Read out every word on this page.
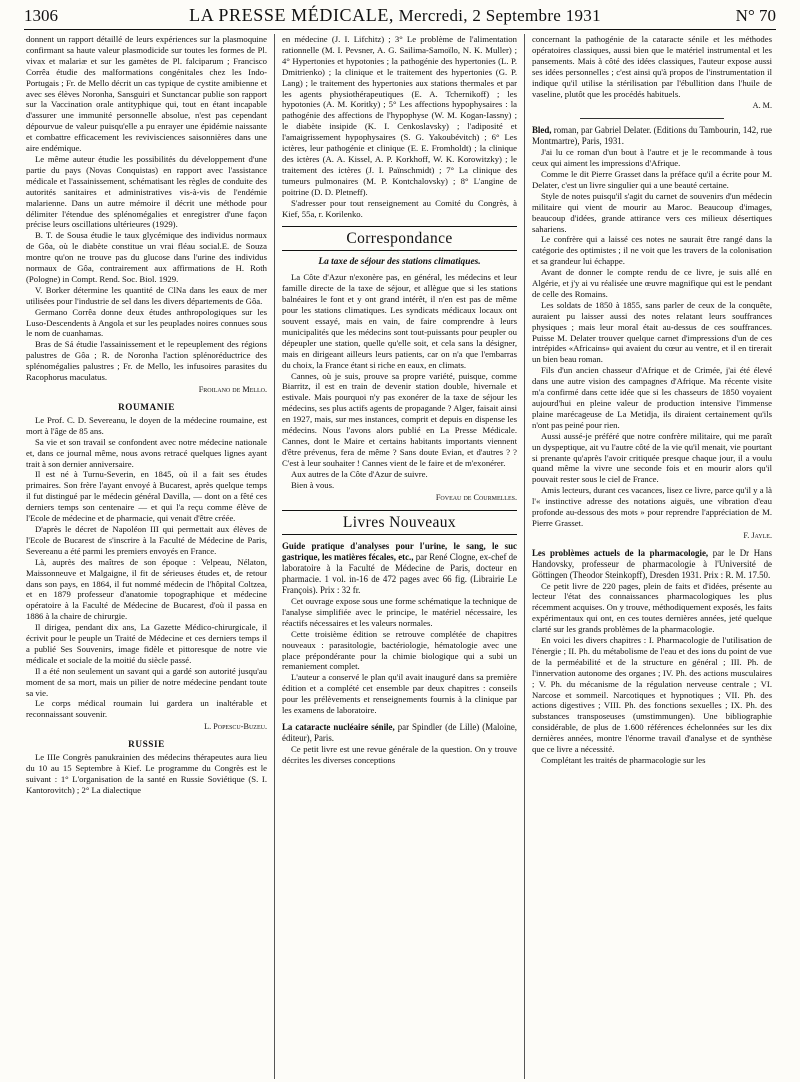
1306	LA PRESSE MÉDICALE, Mercredi, 2 Septembre 1931	N° 70

donnent un rapport détaillé de leurs expériences sur la plasmoquine confirmant sa haute valeur plasmodicide sur toutes les formes de Pl. vivax et malariæ et sur les gamètes de Pl. falciparum ; Francisco Corrêa étudie des malformations congénitales chez les Indo-Portugais ; Fr. de Mello décrit un cas typique de cystite amibienne et avec ses élèves Noronha, Sansguiri et Sunctancar publie son rapport sur la Vaccination orale antityphique qui, tout en étant incapable d'assurer une immunité personnelle absolue, n'est pas cependant dépourvue de valeur puisqu'elle a pu enrayer une épidémie naissante et combattre efficacement les revivisciences saisonnières dans une aire endémique.

Le même auteur étudie les possibilités du développement d'une partie du pays (Novas Conquistas) en rapport avec l'assistance médicale et l'assainissement, schématisant les règles de conduite des autorités sanitaires et administratives vis-à-vis de l'endémie malarienne. Dans un autre mémoire il décrit une méthode pour délimiter l'étendue des splénomégalies et enregistrer d'une façon précise leurs oscillations ultérieures (1929).

B. T. de Sousa étudie le taux glycémique des individus normaux de Gôa, où le diabète constitue un vrai fléau social.E. de Souza montre qu'on ne trouve pas du glucose dans l'urine des individus normaux de Gôa, contrairement aux affirmations de H. Roth (Pologne) in Compt. Rend. Soc. Biol. 1929.

V. Borker détermine les quantité de ClNa dans les eaux de mer utilisées pour l'industrie de sel dans les divers départements de Gôa.

Germano Corrêa donne deux études anthropologiques sur les Luso-Descendents à Angola et sur les peuplades noires connues sous le nom de cuanhamas.

Bras de Sá étudie l'assainissement et le repeuplement des régions palustres de Gôa ; R. de Noronha l'action splénoréductrice des splénomégalies palustres ; Fr. de Mello, les infusoires parasites du Racophorus maculatus.

Froilano de Mello.
ROUMANIE

Le Prof. C. D. Severeanu, le doyen de la médecine roumaine, est mort à l'âge de 85 ans.

Sa vie et son travail se confondent avec notre médecine nationale et, dans ce journal même, nous avons retracé quelques lignes ayant trait à son dernier anniversaire.

Il est né à Turnu-Severin, en 1845, où il a fait ses études primaires. Son frère l'ayant envoyé à Bucarest, après quelque temps il fut distingué par le médecin général Davilla, — dont on a fêté ces derniers temps son centenaire — et qui l'a reçu comme élève de l'Ecole de médecine et de pharmacie, qui venait d'être créée.

D'après le décret de Napoléon III qui permettait aux élèves de l'Ecole de Bucarest de s'inscrire à la Faculté de Médecine de Paris, Severeanu a été parmi les premiers envoyés en France.

Là, auprès des maîtres de son époque : Velpeau, Nélaton, Maissonneuve et Malgaigne, il fit de sérieuses études et, de retour dans son pays, en 1864, il fut nommé médecin de l'hôpital Coltzea, et en 1879 professeur d'anatomie topographique et médecine opératoire à la Faculté de Médecine de Bucarest, d'où il passa en 1886 à la chaire de chirurgie.

Il dirigea, pendant dix ans, La Gazette Médico-chirurgicale, il écrivit pour le peuple un Traité de Médecine et ces derniers temps il a publié Ses Souvenirs, image fidèle et pittoresque de notre vie médicale et sociale de la moitié du siècle passé.

Il a été non seulement un savant qui a gardé son autorité jusqu'au moment de sa mort, mais un pilier de notre médecine pendant toute sa vie.

Le corps médical roumain lui gardera un inaltérable et reconnaissant souvenir.

L. Popescu-Buzeu.
RUSSIE

Le IIIe Congrès panukrainien des médecins thérapeutes aura lieu du 10 au 15 Septembre à Kief. Le programme du Congrès est le suivant : 1° L'organisation de la santé en Russie Soviétique (S. I. Kantorovitch) ; 2° La dialectique

en médecine (J. I. Lifchitz) ; 3° Le problème de l'alimentation rationnelle (M. I. Pevsner, A. G. Sailima-Samoïlo, N. K. Muller) ; 4° Hypertonies et hypotonies ; la pathogénie des hypertonies (L. P. Dmitrienko) ; la clinique et le traitement des hypertonies (G. P. Lang) ; le traitement des hypertonies aux stations thermales et par les agents physiothérapeutiques (E. A. Tchernikoff) ; les hypotonies (A. M. Koritky) ; 5° Les affections hypophysaires : la pathogénie des affections de l'hypophyse (W. M. Kogan-Iassny) ; le diabète insipide (K. I. Cenkoslavsky) ; l'adiposité et l'amaigrissement hypophysaires (S. G. Yakoubévitch) ; 6° Les ictères, leur pathogénie et clinique (E. E. Fromholdt) ; la clinique des ictères (A. A. Kissel, A. P. Korkhoff, W. K. Korowitzky) ; le traitement des ictères (J. I. Païnschmidt) ; 7° La clinique des tumeurs pulmonaires (M. P. Kontchalovsky) ; 8° L'angine de poitrine (D. D. Pletneff).

S'adresser pour tout renseignement au Comité du Congrès, à Kief, 55a, r. Korilenko.

Correspondance
La taxe de séjour des stations climatiques.

La Côte d'Azur n'exonère pas, en général, les médecins et leur famille directe de la taxe de séjour, et allègue que si les stations balnéaires le font et y ont grand intérêt, il n'en est pas de même pour les stations climatiques. Les syndicats médicaux locaux ont souvent essayé, mais en vain, de faire comprendre à leurs municipalités que les médecins sont tout-puissants pour peupler ou dépeupler une station, quelle qu'elle soit, et cela sans la désigner, mais en dirigeant ailleurs leurs patients, car on n'a que l'embarras du choix, la France étant si riche en eaux, en climats.

Cannes, où je suis, prouve sa propre variété, puisque, comme Biarritz, il est en train de devenir station double, hivernale et estivale. Mais pourquoi n'y pas exonérer de la taxe de séjour les médecins, ses plus actifs agents de propagande ? Alger, faisait ainsi en 1927, mais, sur mes instances, comprit et depuis en dispense les médecins. Nous l'avons alors publié en La Presse Médicale. Cannes, dont le Maire et certains habitants importants viennent d'être prévenus, fera de même ? Sans doute Evian, et d'autres ? ? C'est à leur souhaiter ! Cannes vient de le faire et de m'exonérer.

Aux autres de la Côte d'Azur de suivre.

Bien à vous.

Foveau de Courmelles.
Livres Nouveaux

Guide pratique d'analyses pour l'urine, le sang, le suc gastrique, les matières fécales, etc., par René Clogne, ex-chef de laboratoire à la Faculté de Médecine de Paris, docteur en pharmacie. 1 vol. in-16 de 472 pages avec 66 fig. (Librairie Le François). Prix : 32 fr.

Cet ouvrage expose sous une forme schématique la technique de l'analyse simplifiée avec le principe, le matériel nécessaire, les réactifs nécessaires et les valeurs normales.

Cette troisième édition se retrouve complétée de chapitres nouveaux : parasitologie, bactériologie, hématologie avec une place prépondérante pour la chimie biologique qui a subi un remaniement complet.

L'auteur a conservé le plan qu'il avait inauguré dans sa première édition et a complété cet ensemble par deux chapitres : conseils pour les prélèvements et renseignements fournis à la clinique par les examens de laboratoire.

La cataracte nucléaire sénile, par Spindler (de Lille) (Maloine, éditeur), Paris.

Ce petit livre est une revue générale de la question. On y trouve décrites les diverses conceptions

concernant la pathogénie de la cataracte sénile et les méthodes opératoires classiques, aussi bien que le matériel instrumental et les pansements. Mais à côté des idées classiques, l'auteur expose aussi ses idées personnelles ; c'est ainsi qu'à propos de l'instrumentation il indique qu'il utilise la stérilisation par l'ébullition dans l'huile de vaseline, plutôt que les procédés habituels.

A. M.

Bled, roman, par Gabriel Delater. (Editions du Tambourin, 142, rue Montmartre), Paris, 1931.

J'ai lu ce roman d'un bout à l'autre et je le recommande à tous ceux qui aiment les impressions d'Afrique.

Comme le dit Pierre Grasset dans la préface qu'il a écrite pour M. Delater, c'est un livre singulier qui a une beauté certaine.

Style de notes puisqu'il s'agit du carnet de souvenirs d'un médecin militaire qui vient de mourir au Maroc. Beaucoup d'images, beaucoup d'idées, grande attirance vers ces milieux désertiques sahariens.

Le confrère qui a laissé ces notes ne saurait être rangé dans la catégorie des optimistes ; il ne voit que les travers de la colonisation et sa grandeur lui échappe.

Avant de donner le compte rendu de ce livre, je suis allé en Algérie, et j'y ai vu réalisée une œuvre magnifique qui est le pendant de celle des Romains.

Les soldats de 1850 à 1855, sans parler de ceux de la conquête, auraient pu laisser aussi des notes relatant leurs souffrances physiques ; mais leur moral était au-dessus de ces souffrances. Puisse M. Delater trouver quelque carnet d'impressions d'un de ces intrépides «Africains» qui avaient du cœur au ventre, et il en tirerait un bien beau roman.

Fils d'un ancien chasseur d'Afrique et de Crimée, j'ai été élevé dans une autre vision des campagnes d'Afrique. Ma récente visite m'a confirmé dans cette idée que si les chasseurs de 1850 voyaient aujourd'hui en pleine valeur de production intensive l'immense plaine marécageuse de La Metidja, ils diraient certainement qu'ils n'ont pas peiné pour rien.

Aussi aussé-je préféré que notre confrère militaire, qui me paraît un dyspeptique, ait vu l'autre côté de la vie qu'il menait, vie pourtant si prenante qu'après l'avoir critiquée presque chaque jour, il a voulu quand même la vivre une seconde fois et en mourir alors qu'il pouvait rester sous le ciel de France.

Amis lecteurs, durant ces vacances, lisez ce livre, parce qu'il y a là l'« instinctive adresse des notations aiguës, une vibration d'eau profonde au-dessous des mots » pour reprendre l'appréciation de M. Pierre Grasset.

F. Jayle.

Les problèmes actuels de la pharmacologie, par le Dr Hans Handovsky, professeur de pharmacologie à l'Université de Göttingen (Theodor Steinkopff), Dresden 1931. Prix : R. M. 17.50.

Ce petit livre de 220 pages, plein de faits et d'idées, présente au lecteur l'état des connaissances pharmacologiques les plus récemment acquises. On y trouve, méthodiquement exposés, les faits expérimentaux qui ont, en ces toutes dernières années, jeté quelque clarté sur les grands problèmes de la pharmacologie.

En voici les divers chapitres : I. Pharmacologie de l'utilisation de l'énergie ; II. Ph. du métabolisme de l'eau et des ions du point de vue de la perméabilité et de la structure en général ; III. Ph. de l'innervation autonome des organes ; IV. Ph. des actions musculaires ; V. Ph. du mécanisme de la régulation nerveuse centrale ; VI. Narcose et sommeil. Narcotiques et hypnotiques ; VII. Ph. des actions digestives ; VIII. Ph. des fonctions sexuelles ; IX. Ph. des substances transposeuses (umstimmungen). Une bibliographie considérable, de plus de 1.600 références échelonnées sur les dix dernières années, montre l'énorme travail d'analyse et de synthèse que ce livre a nécessité.

Complétant les traités de pharmacologie sur les
